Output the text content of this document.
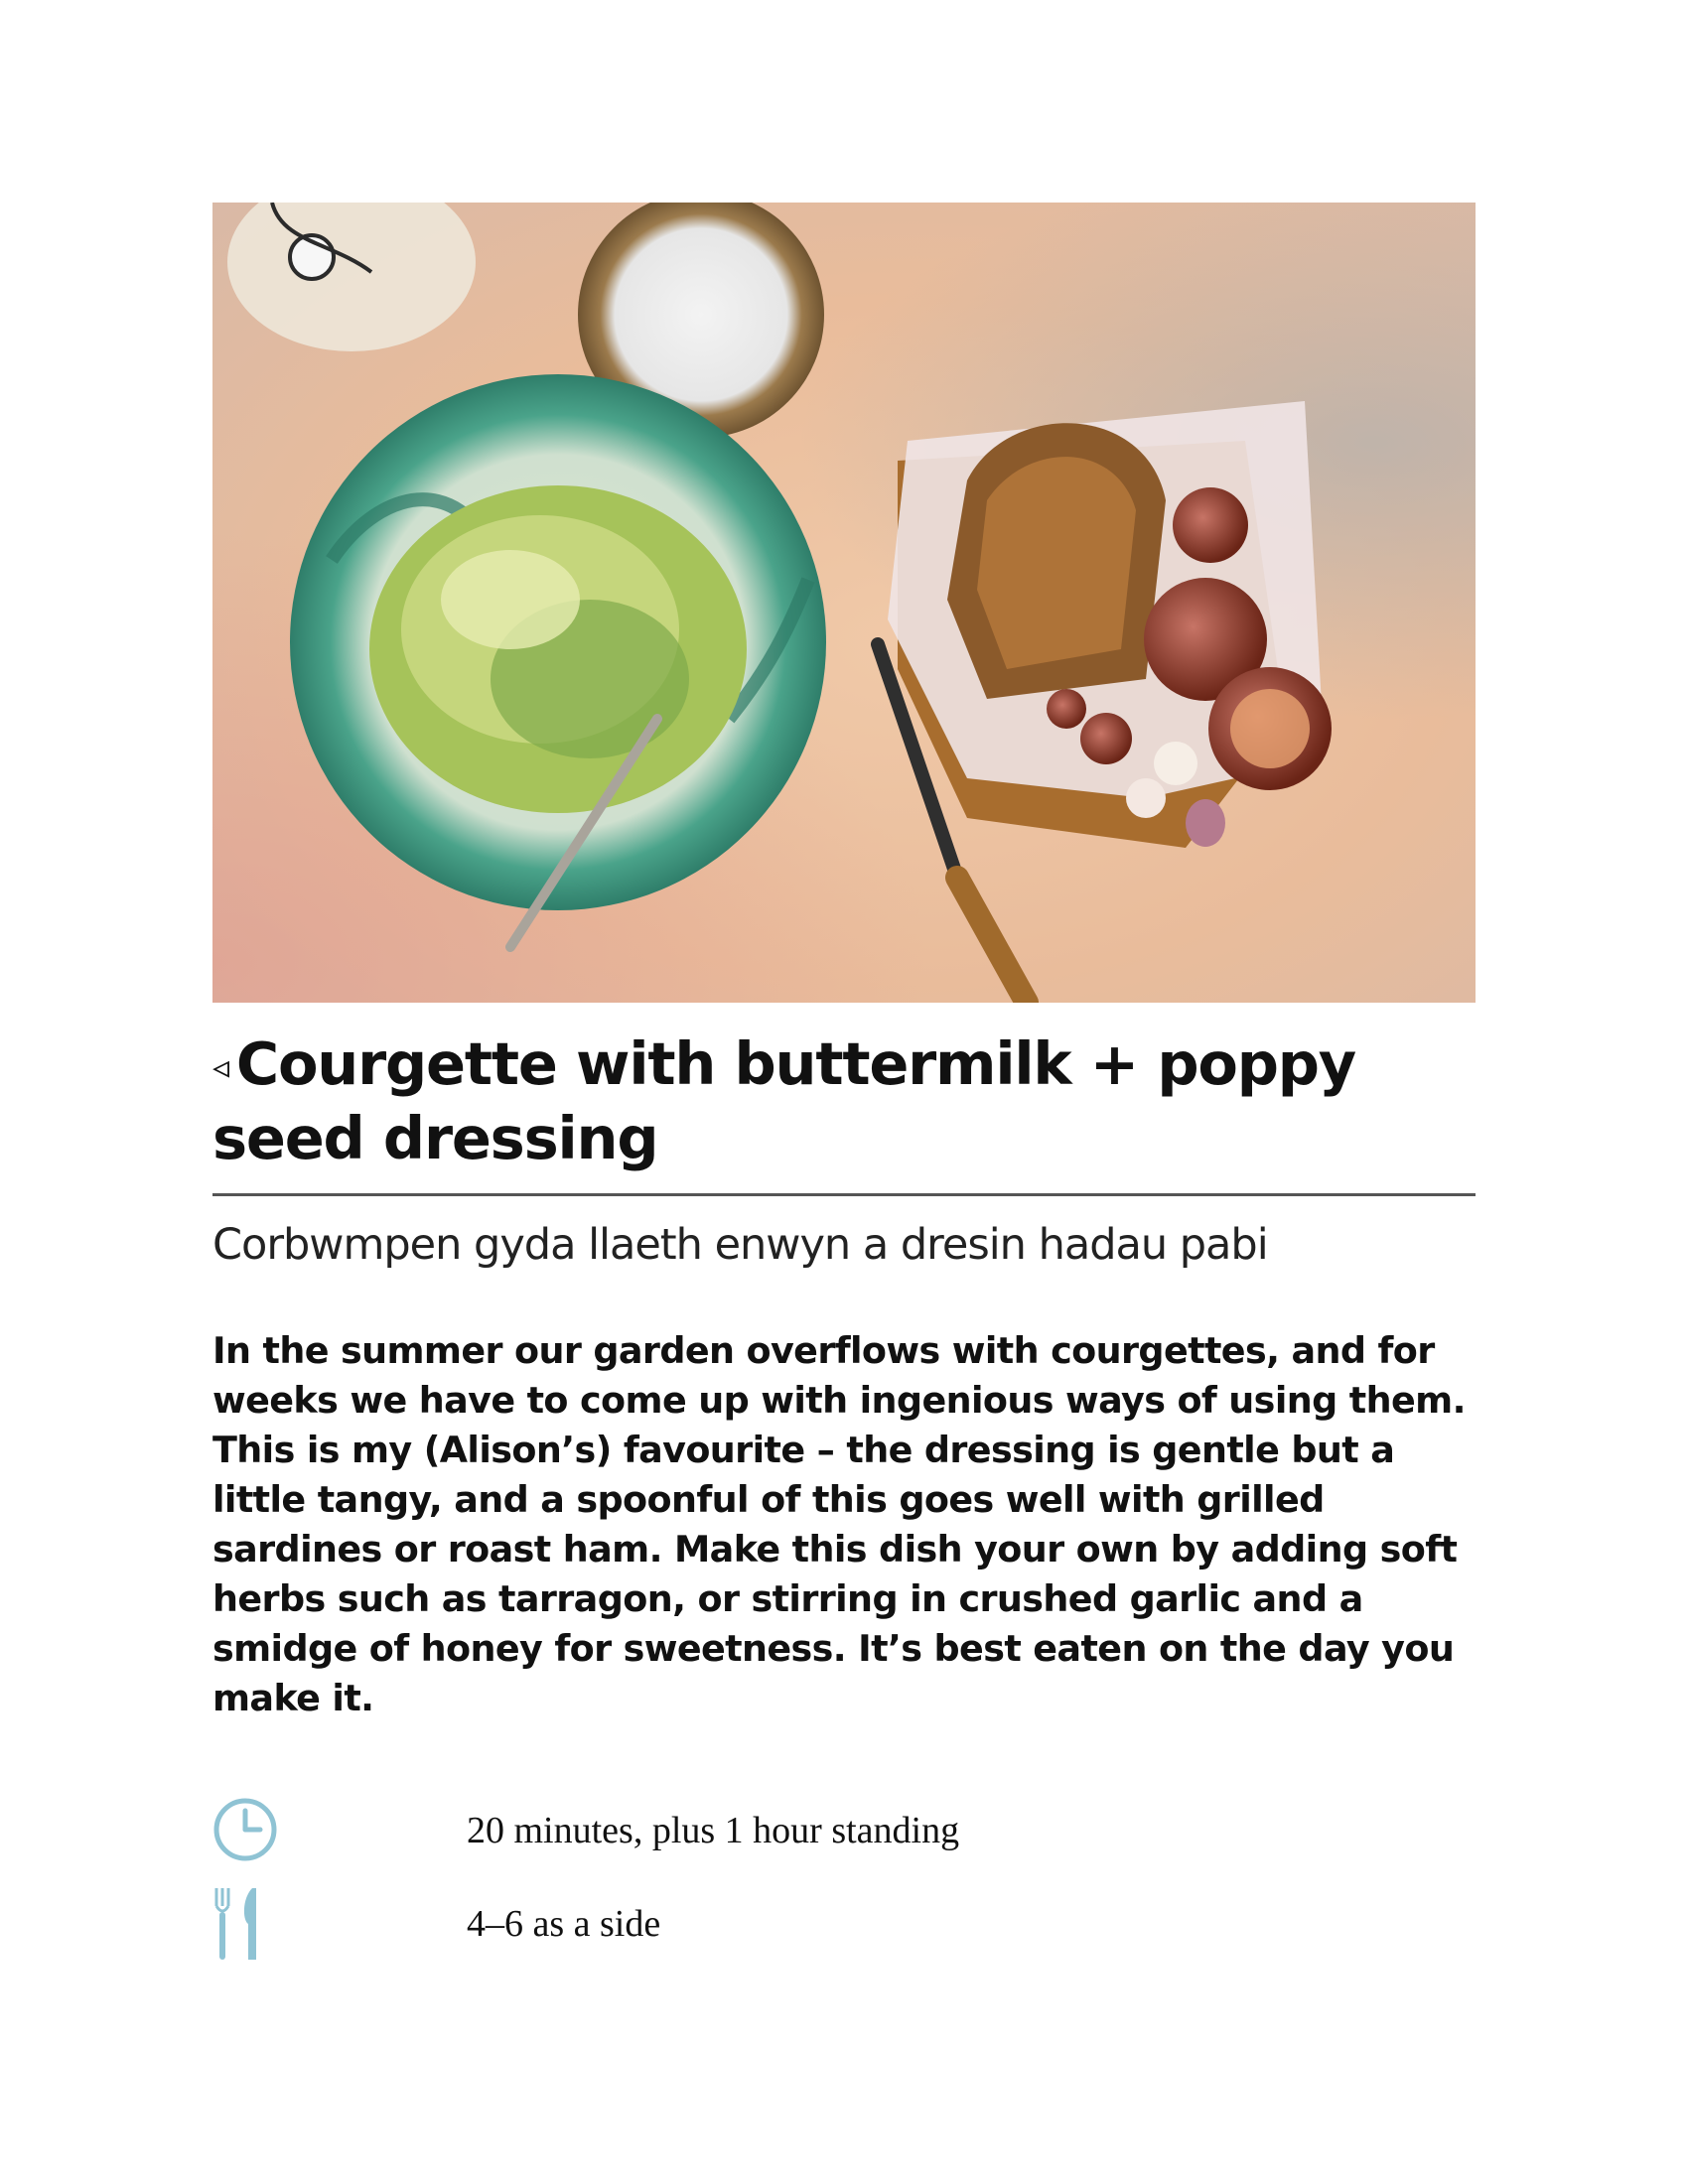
◃ Courgette with buttermilk + poppy seed dressing
Corbwmpen gyda llaeth enwyn a dresin hadau pabi
In the summer our garden overflows with courgettes, and for weeks we have to come up with ingenious ways of using them. This is my (Alison’s) favourite – the dressing is gentle but a little tangy, and a spoonful of this goes well with grilled sardines or roast ham. Make this dish your own by adding soft herbs such as tarragon, or stirring in crushed garlic and a smidge of honey for sweetness. It’s best eaten on the day you make it.
20 minutes, plus 1 hour standing
4–6 as a side
